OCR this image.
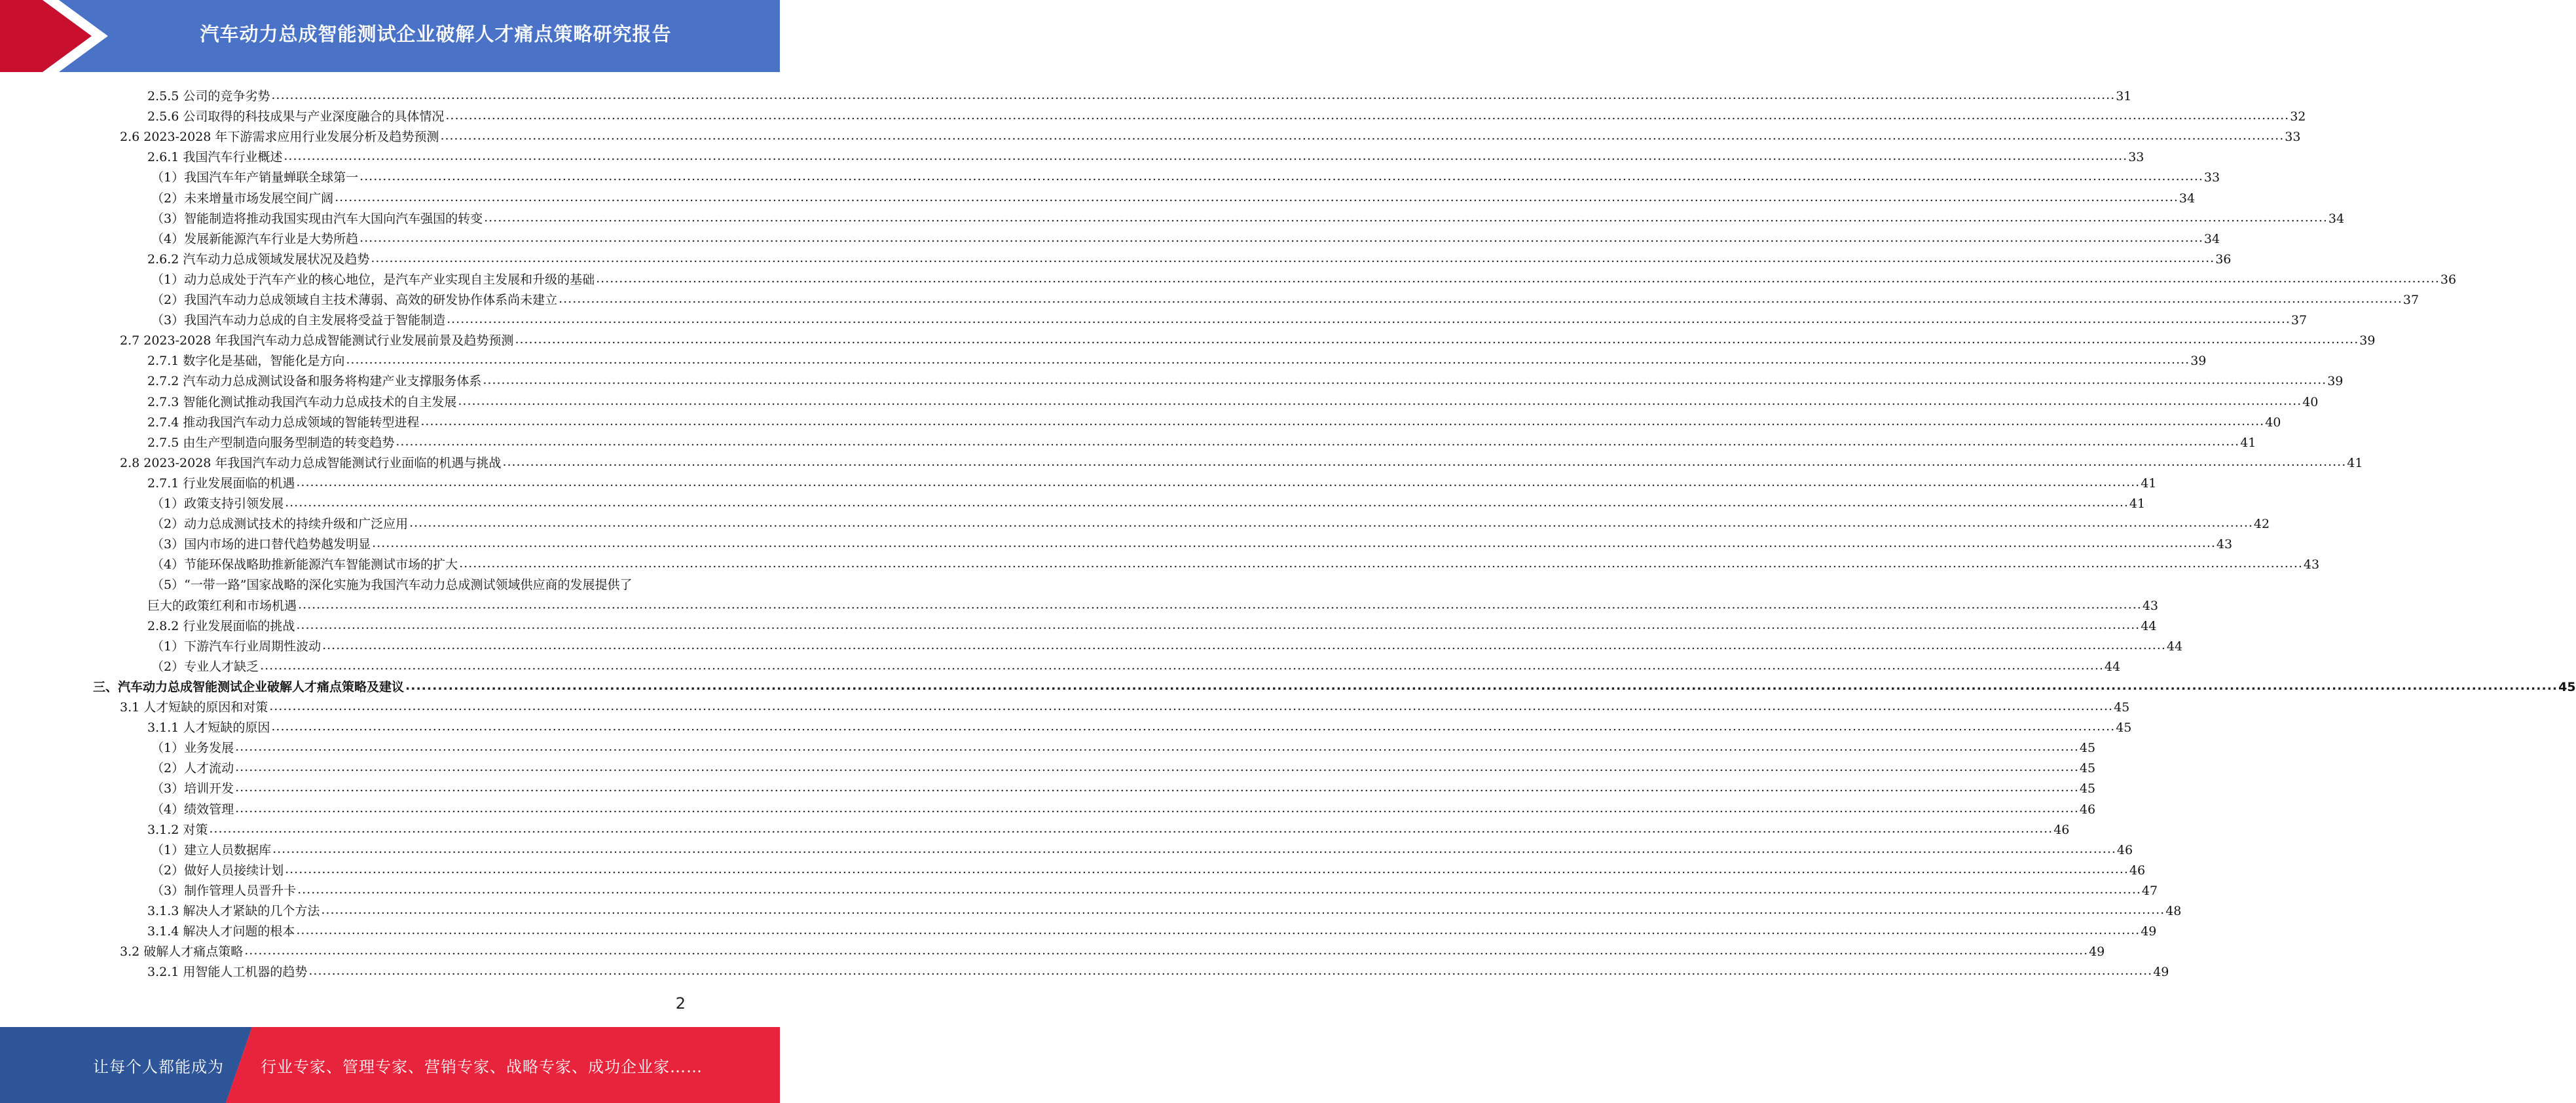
汽车动力总成智能测试企业破解人才痛点策略研究报告
2.5.5 公司的竞争劣势 ................................................................................................................................................................................................................................................................................................................................................................................................................ 31
2.5.6 公司取得的科技成果与产业深度融合的具体情况 ................................................................................................................................................................................................................................................................................................................................................................................................................ 32
2.6 2023-2028 年下游需求应用行业发展分析及趋势预测 ................................................................................................................................................................................................................................................................................................................................................................................................................ 33
2.6.1 我国汽车行业概述 ................................................................................................................................................................................................................................................................................................................................................................................................................ 33
（1）我国汽车年产销量蝉联全球第一 ................................................................................................................................................................................................................................................................................................................................................................................................................ 33
（2）未来增量市场发展空间广阔 ................................................................................................................................................................................................................................................................................................................................................................................................................ 34
（3）智能制造将推动我国实现由汽车大国向汽车强国的转变 ................................................................................................................................................................................................................................................................................................................................................................................................................ 34
（4）发展新能源汽车行业是大势所趋 ................................................................................................................................................................................................................................................................................................................................................................................................................ 34
2.6.2 汽车动力总成领域发展状况及趋势 ................................................................................................................................................................................................................................................................................................................................................................................................................ 36
（1）动力总成处于汽车产业的核心地位，是汽车产业实现自主发展和升级的基础 ................................................................................................................................................................................................................................................................................................................................................................................................................ 36
（2）我国汽车动力总成领域自主技术薄弱、高效的研发协作体系尚未建立 ................................................................................................................................................................................................................................................................................................................................................................................................................ 37
（3）我国汽车动力总成的自主发展将受益于智能制造 ................................................................................................................................................................................................................................................................................................................................................................................................................ 37
2.7 2023-2028 年我国汽车动力总成智能测试行业发展前景及趋势预测 ................................................................................................................................................................................................................................................................................................................................................................................................................ 39
2.7.1 数字化是基础，智能化是方向 ................................................................................................................................................................................................................................................................................................................................................................................................................ 39
2.7.2 汽车动力总成测试设备和服务将构建产业支撑服务体系 ................................................................................................................................................................................................................................................................................................................................................................................................................ 39
2.7.3 智能化测试推动我国汽车动力总成技术的自主发展 ................................................................................................................................................................................................................................................................................................................................................................................................................ 40
2.7.4 推动我国汽车动力总成领域的智能转型进程 ................................................................................................................................................................................................................................................................................................................................................................................................................ 40
2.7.5 由生产型制造向服务型制造的转变趋势 ................................................................................................................................................................................................................................................................................................................................................................................................................ 41
2.8 2023-2028 年我国汽车动力总成智能测试行业面临的机遇与挑战 ................................................................................................................................................................................................................................................................................................................................................................................................................ 41
2.7.1 行业发展面临的机遇 ................................................................................................................................................................................................................................................................................................................................................................................................................ 41
（1）政策支持引领发展 ................................................................................................................................................................................................................................................................................................................................................................................................................ 41
（2）动力总成测试技术的持续升级和广泛应用 ................................................................................................................................................................................................................................................................................................................................................................................................................ 42
（3）国内市场的进口替代趋势越发明显 ................................................................................................................................................................................................................................................................................................................................................................................................................ 43
（4）节能环保战略助推新能源汽车智能测试市场的扩大 ................................................................................................................................................................................................................................................................................................................................................................................................................ 43
（5）“一带一路”国家战略的深化实施为我国汽车动力总成测试领域供应商的发展提供了
巨大的政策红利和市场机遇 ................................................................................................................................................................................................................................................................................................................................................................................................................ 43
2.8.2 行业发展面临的挑战 ................................................................................................................................................................................................................................................................................................................................................................................................................ 44
（1）下游汽车行业周期性波动 ................................................................................................................................................................................................................................................................................................................................................................................................................ 44
（2）专业人才缺乏 ................................................................................................................................................................................................................................................................................................................................................................................................................ 44
三、汽车动力总成智能测试企业破解人才痛点策略及建议 ................................................................................................................................................................................................................................................................................................................................................................................................................ 45
3.1 人才短缺的原因和对策 ................................................................................................................................................................................................................................................................................................................................................................................................................ 45
3.1.1 人才短缺的原因 ................................................................................................................................................................................................................................................................................................................................................................................................................ 45
（1）业务发展 ................................................................................................................................................................................................................................................................................................................................................................................................................ 45
（2）人才流动 ................................................................................................................................................................................................................................................................................................................................................................................................................ 45
（3）培训开发 ................................................................................................................................................................................................................................................................................................................................................................................................................ 45
（4）绩效管理 ................................................................................................................................................................................................................................................................................................................................................................................................................ 46
3.1.2 对策 ................................................................................................................................................................................................................................................................................................................................................................................................................ 46
（1）建立人员数据库 ................................................................................................................................................................................................................................................................................................................................................................................................................ 46
（2）做好人员接续计划 ................................................................................................................................................................................................................................................................................................................................................................................................................ 46
（3）制作管理人员晋升卡 ................................................................................................................................................................................................................................................................................................................................................................................................................ 47
3.1.3 解决人才紧缺的几个方法 ................................................................................................................................................................................................................................................................................................................................................................................................................ 48
3.1.4 解决人才问题的根本 ................................................................................................................................................................................................................................................................................................................................................................................................................ 49
3.2 破解人才痛点策略 ................................................................................................................................................................................................................................................................................................................................................................................................................ 49
3.2.1 用智能人工机器的趋势 ................................................................................................................................................................................................................................................................................................................................................................................................................ 49
2
让每个人都能成为 行业专家、管理专家、营销专家、战略专家、成功企业家……
